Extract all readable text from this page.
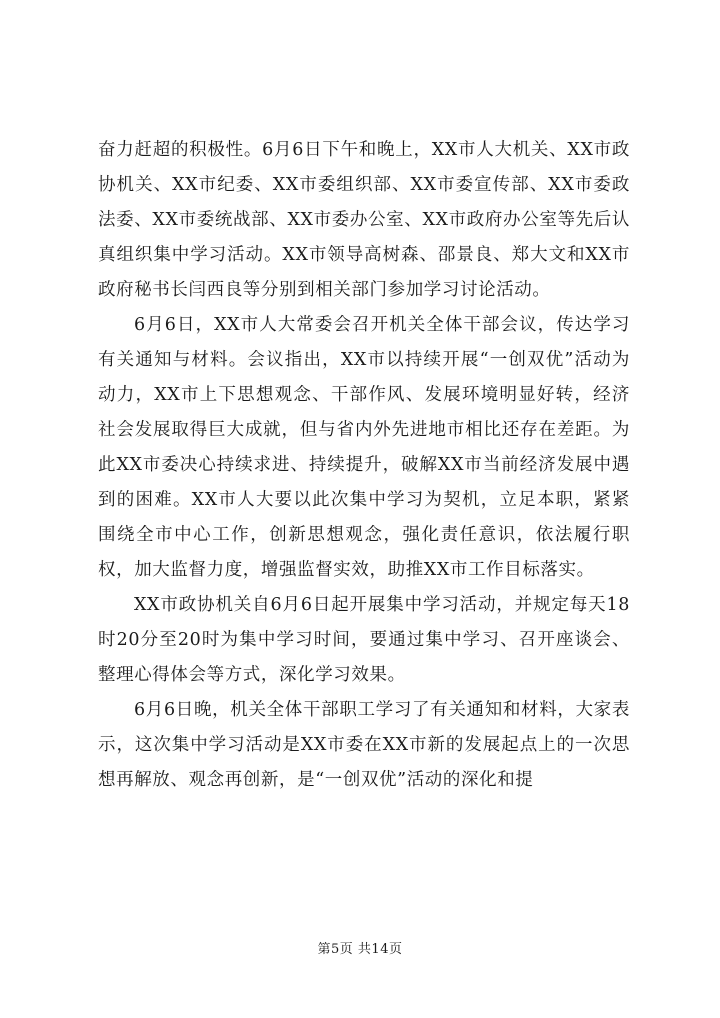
奋力赶超的积极性。6月6日下午和晚上，XX市人大机关、XX市政协机关、XX市纪委、XX市委组织部、XX市委宣传部、XX市委政法委、XX市委统战部、XX市委办公室、XX市政府办公室等先后认真组织集中学习活动。XX市领导高树森、邵景良、郑大文和XX市政府秘书长闫西良等分别到相关部门参加学习讨论活动。

6月6日，XX市人大常委会召开机关全体干部会议，传达学习有关通知与材料。会议指出，XX市以持续开展“一创双优”活动为动力，XX市上下思想观念、干部作风、发展环境明显好转，经济社会发展取得巨大成就，但与省内外先进地市相比还存在差距。为此XX市委决心持续求进、持续提升，破解XX市当前经济发展中遇到的困难。XX市人大要以此次集中学习为契机，立足本职，紧紧围绕全市中心工作，创新思想观念，强化责任意识，依法履行职权，加大监督力度，增强监督实效，助推XX市工作目标落实。

XX市政协机关自6月6日起开展集中学习活动，并规定每天18时20分至20时为集中学习时间，要通过集中学习、召开座谈会、整理心得体会等方式，深化学习效果。

6月6日晚，机关全体干部职工学习了有关通知和材料，大家表示，这次集中学习活动是XX市委在XX市新的发展起点上的一次思想再解放、观念再创新，是“一创双优”活动的深化和提

第5页 共14页
